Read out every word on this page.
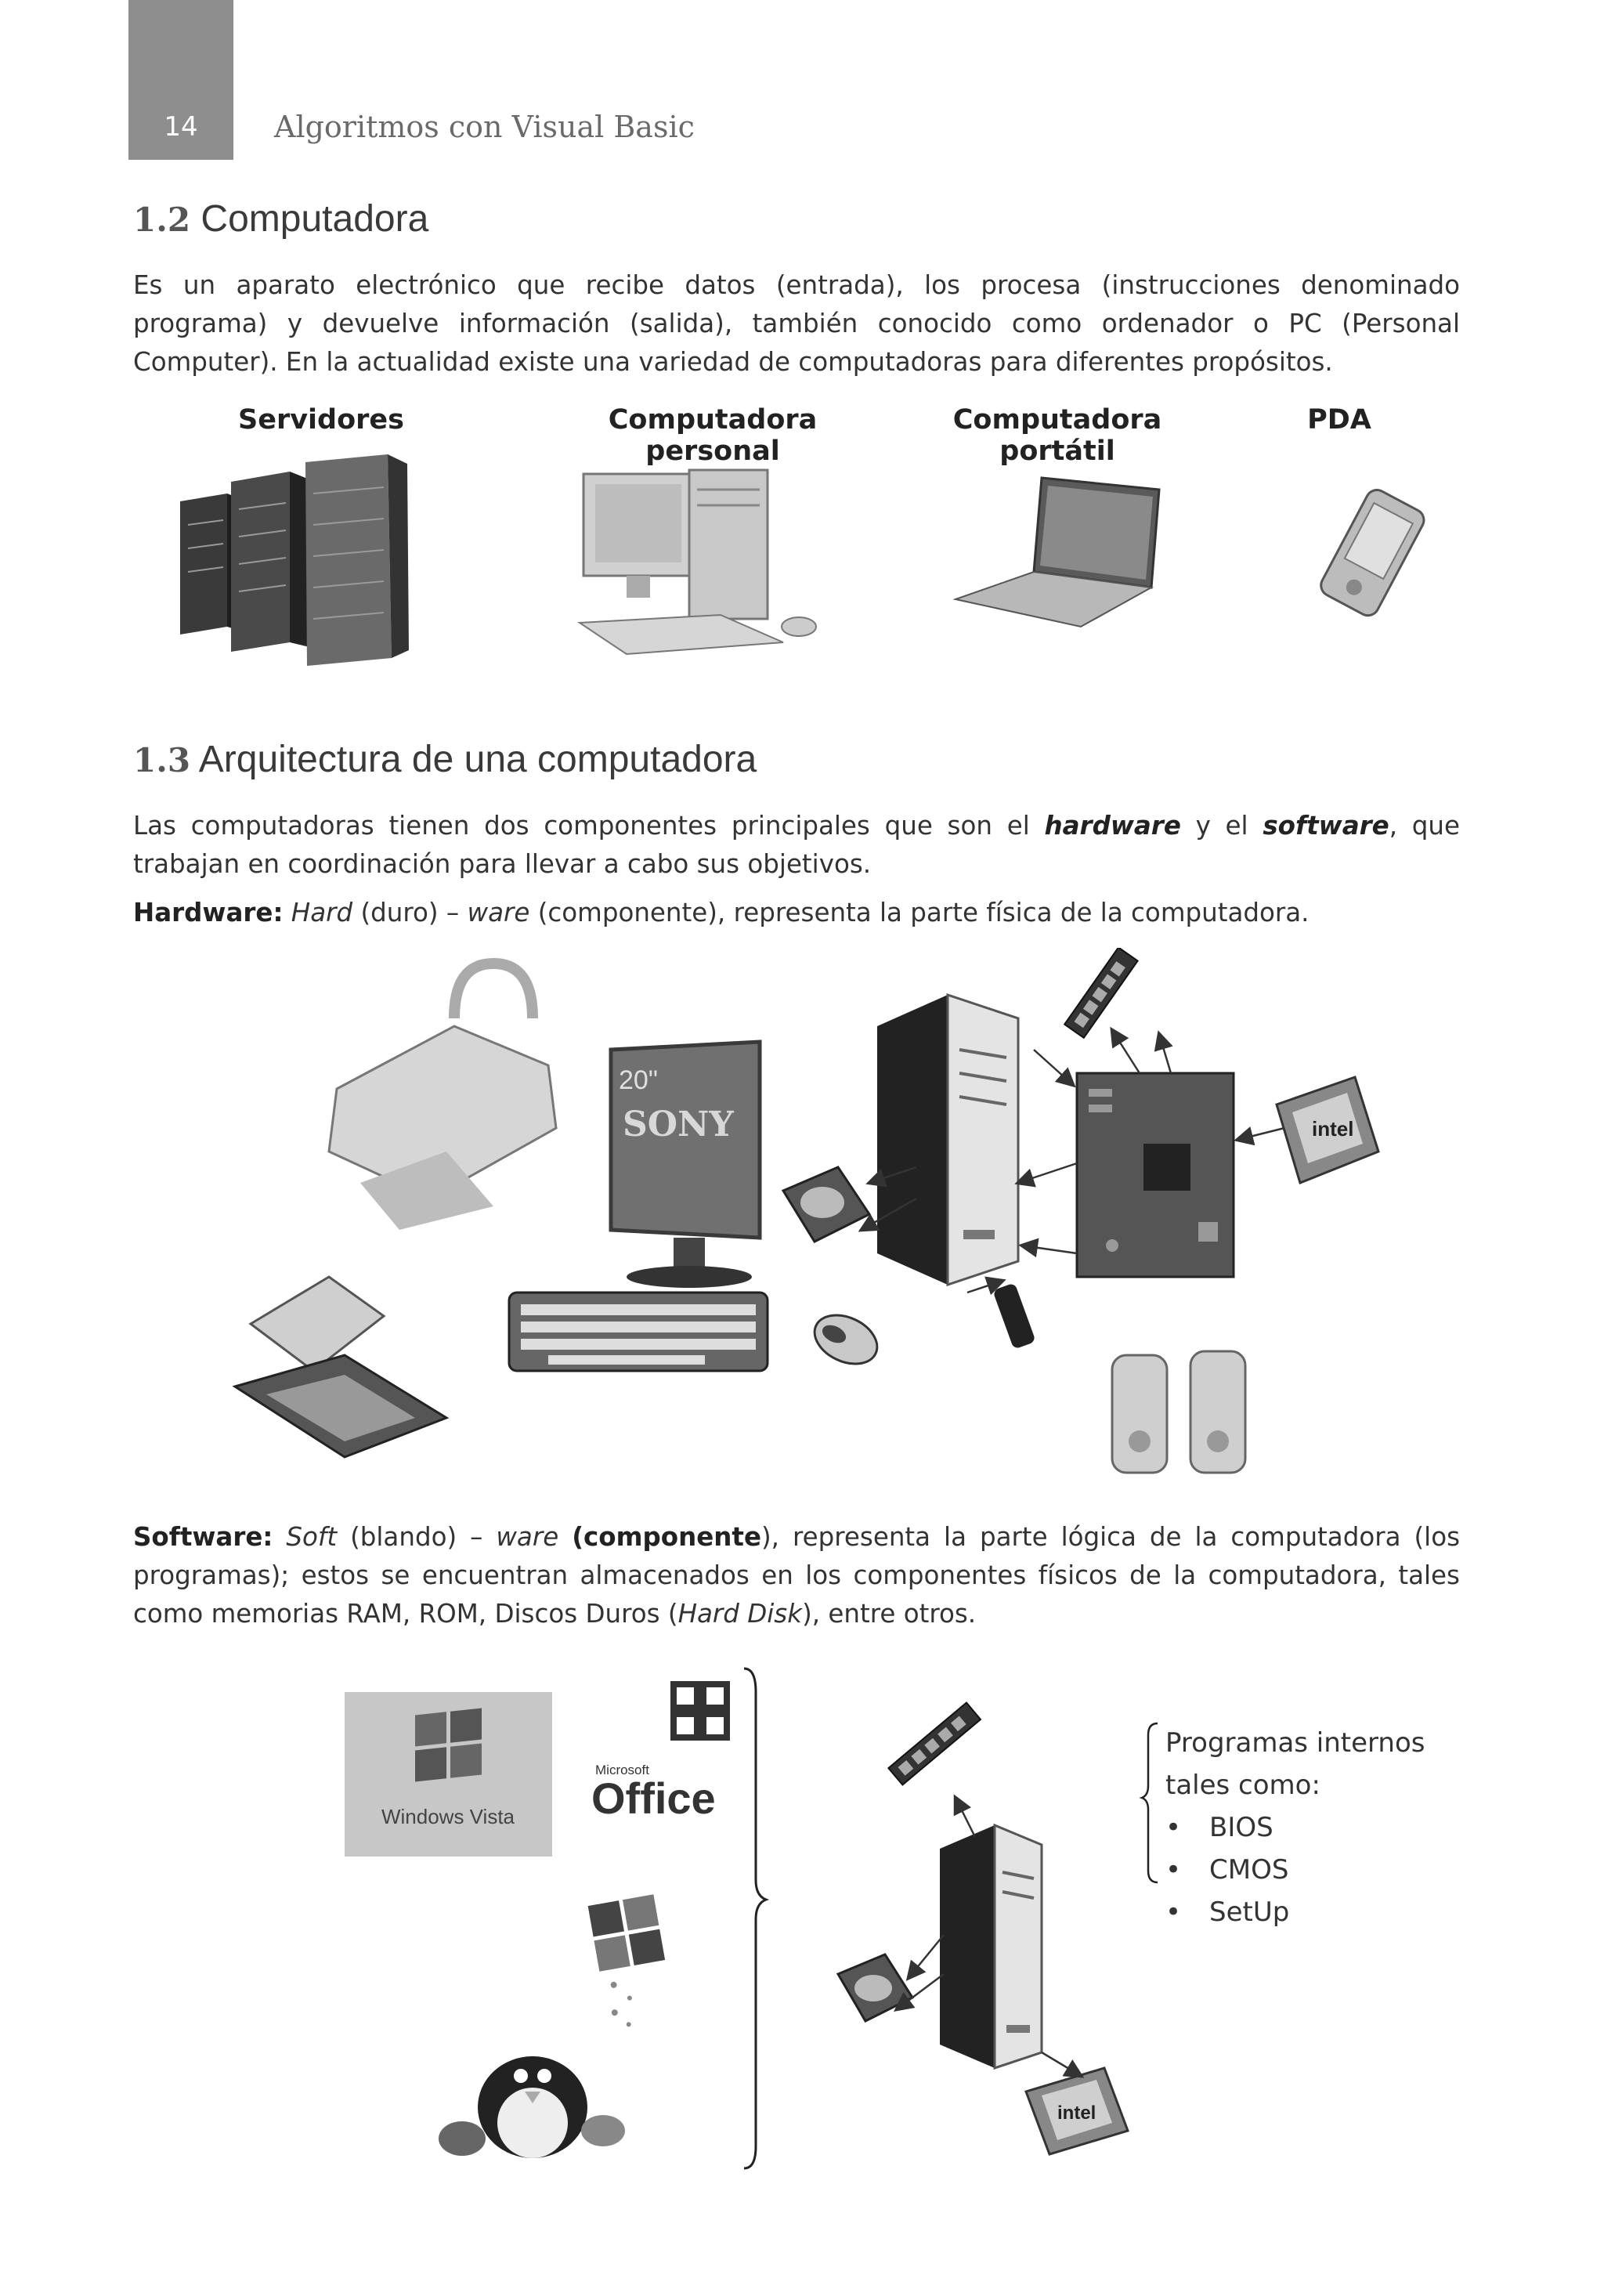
14	Algoritmos con Visual Basic
1.2 Computadora
Es un aparato electrónico que recibe datos (entrada), los procesa (instrucciones denominado programa) y devuelve información (salida), también conocido como ordenador o PC (Personal Computer). En la actualidad existe una variedad de computadoras para diferentes propósitos.
Servidores	Computadora personal
Computadora portátil
PDA
1.3 Arquitectura de una computadora
Las computadoras tienen dos componentes principales que son el hardware y el software, que trabajan en coordinación para llevar a cabo sus objetivos.
Hardware: Hard (duro) – ware (componente), representa la parte física de la computadora.
20"
SONY	intel
Software: Soft (blando) – ware (componente), representa la parte lógica de la computadora (los programas); estos se encuentran almacenados en los componentes físicos de la computadora, tales como memorias RAM, ROM, Discos Duros (Hard Disk), entre otros.
Windows Vista
Microsoft
Office
intel
Programas internos
tales como:
• BIOS
• CMOS
• SetUp
